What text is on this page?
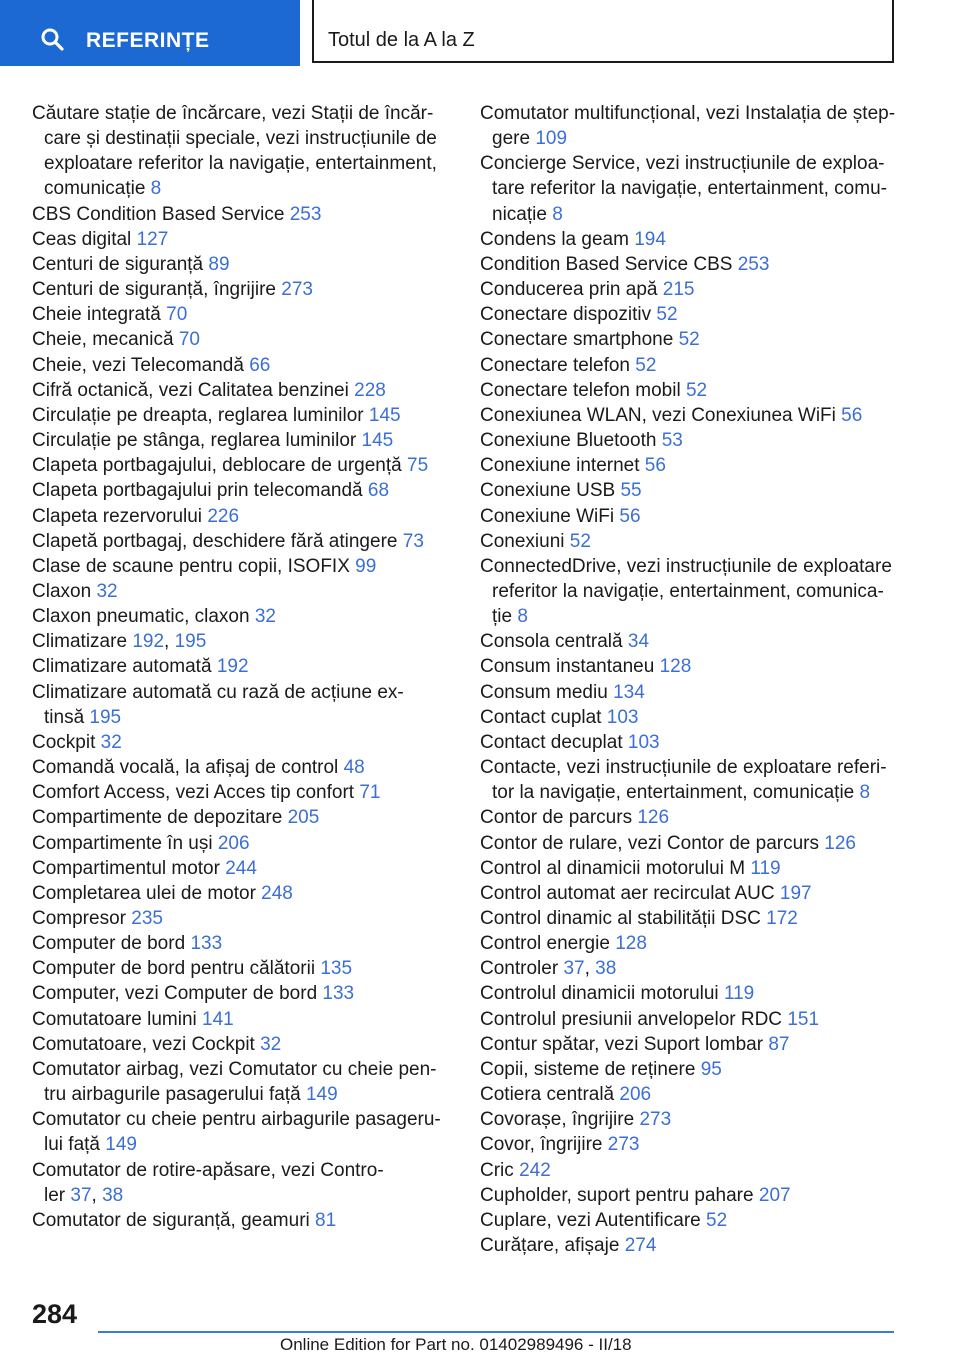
REFERINȚE	Totul de la A la Z
Căutare stație de încărcare, vezi Stații de încăr-
care și destinații speciale, vezi instrucțiunile de
exploatare referitor la navigație, entertainment,
comunicație 8
CBS Condition Based Service 253
Ceas digital 127
Centuri de siguranță 89
Centuri de siguranță, îngrijire 273
Cheie integrată 70
Cheie, mecanică 70
Cheie, vezi Telecomandă 66
Cifră octanică, vezi Calitatea benzinei 228
Circulație pe dreapta, reglarea luminilor 145
Circulație pe stânga, reglarea luminilor 145
Clapeta portbagajului, deblocare de urgență 75
Clapeta portbagajului prin telecomandă 68
Clapeta rezervorului 226
Clapetă portbagaj, deschidere fără atingere 73
Clase de scaune pentru copii, ISOFIX 99
Claxon 32
Claxon pneumatic, claxon 32
Climatizare 192, 195
Climatizare automată 192
Climatizare automată cu rază de acțiune ex-
tinsă 195
Cockpit 32
Comandă vocală, la afișaj de control 48
Comfort Access, vezi Acces tip confort 71
Compartimente de depozitare 205
Compartimente în uși 206
Compartimentul motor 244
Completarea ulei de motor 248
Compresor 235
Computer de bord 133
Computer de bord pentru călătorii 135
Computer, vezi Computer de bord 133
Comutatoare lumini 141
Comutatoare, vezi Cockpit 32
Comutator airbag, vezi Comutator cu cheie pen-
tru airbagurile pasagerului față 149
Comutator cu cheie pentru airbagurile pasageru-
lui față 149
Comutator de rotire-apăsare, vezi Contro-
ler 37, 38
Comutator de siguranță, geamuri 81
Comutator multifuncțional, vezi Instalația de ștер-
gere 109
Concierge Service, vezi instrucțiunile de exploa-
tare referitor la navigație, entertainment, comu-
nicație 8
Condens la geam 194
Condition Based Service CBS 253
Conducerea prin apă 215
Conectare dispozitiv 52
Conectare smartphone 52
Conectare telefon 52
Conectare telefon mobil 52
Conexiunea WLAN, vezi Conexiunea WiFi 56
Conexiune Bluetooth 53
Conexiune internet 56
Conexiune USB 55
Conexiune WiFi 56
Conexiuni 52
ConnectedDrive, vezi instrucțiunile de exploatare
referitor la navigație, entertainment, comunica-
ție 8
Consola centrală 34
Consum instantaneu 128
Consum mediu 134
Contact cuplat 103
Contact decuplat 103
Contacte, vezi instrucțiunile de exploatare referi-
tor la navigație, entertainment, comunicație 8
Contor de parcurs 126
Contor de rulare, vezi Contor de parcurs 126
Control al dinamicii motorului M 119
Control automat aer recirculat AUC 197
Control dinamic al stabilității DSC 172
Control energie 128
Controler 37, 38
Controlul dinamicii motorului 119
Controlul presiunii anvelopelor RDC 151
Contur spătar, vezi Suport lombar 87
Copii, sisteme de reținere 95
Cotiera centrală 206
Covorașe, îngrijire 273
Covor, îngrijire 273
Cric 242
Cupholder, suport pentru pahare 207
Cuplare, vezi Autentificare 52
Curățare, afișaje 274
284
Online Edition for Part no. 01402989496 - II/18
